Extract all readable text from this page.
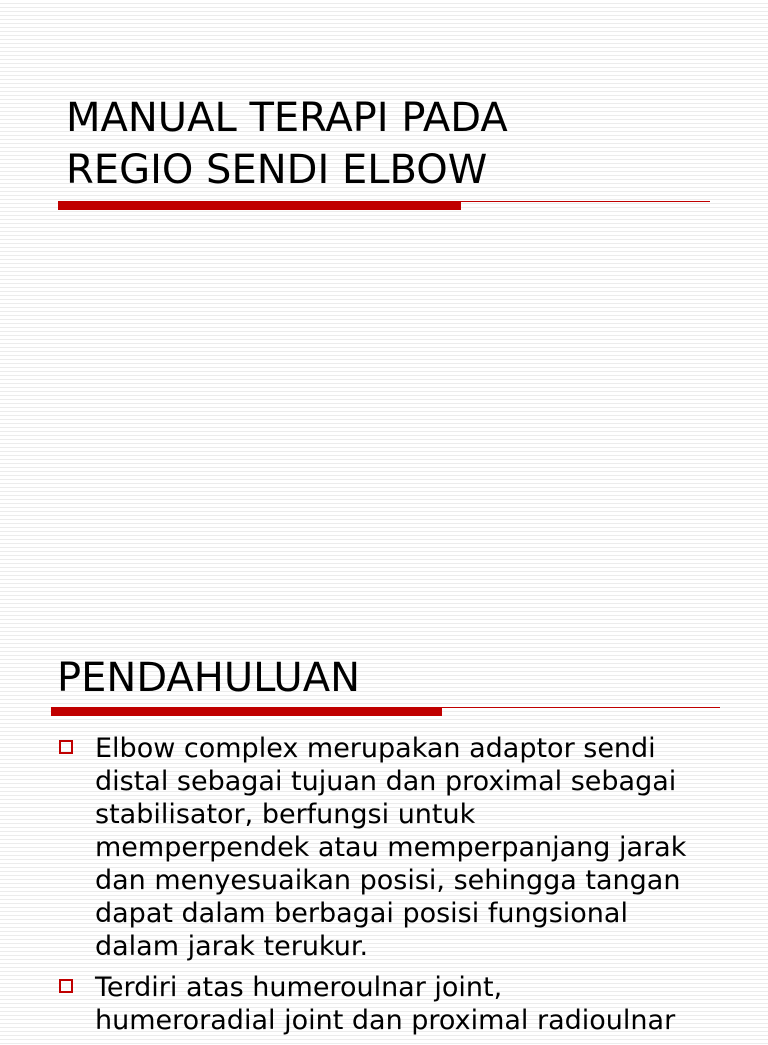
MANUAL TERAPI PADA
REGIO SENDI ELBOW
PENDAHULUAN
Elbow complex merupakan adaptor sendi
distal sebagai tujuan dan proximal sebagai
stabilisator, berfungsi untuk
memperpendek atau memperpanjang jarak
dan menyesuaikan posisi, sehingga tangan
dapat dalam berbagai posisi fungsional
dalam jarak terukur.
Terdiri atas humeroulnar joint,
humeroradial joint dan proximal radioulnar
